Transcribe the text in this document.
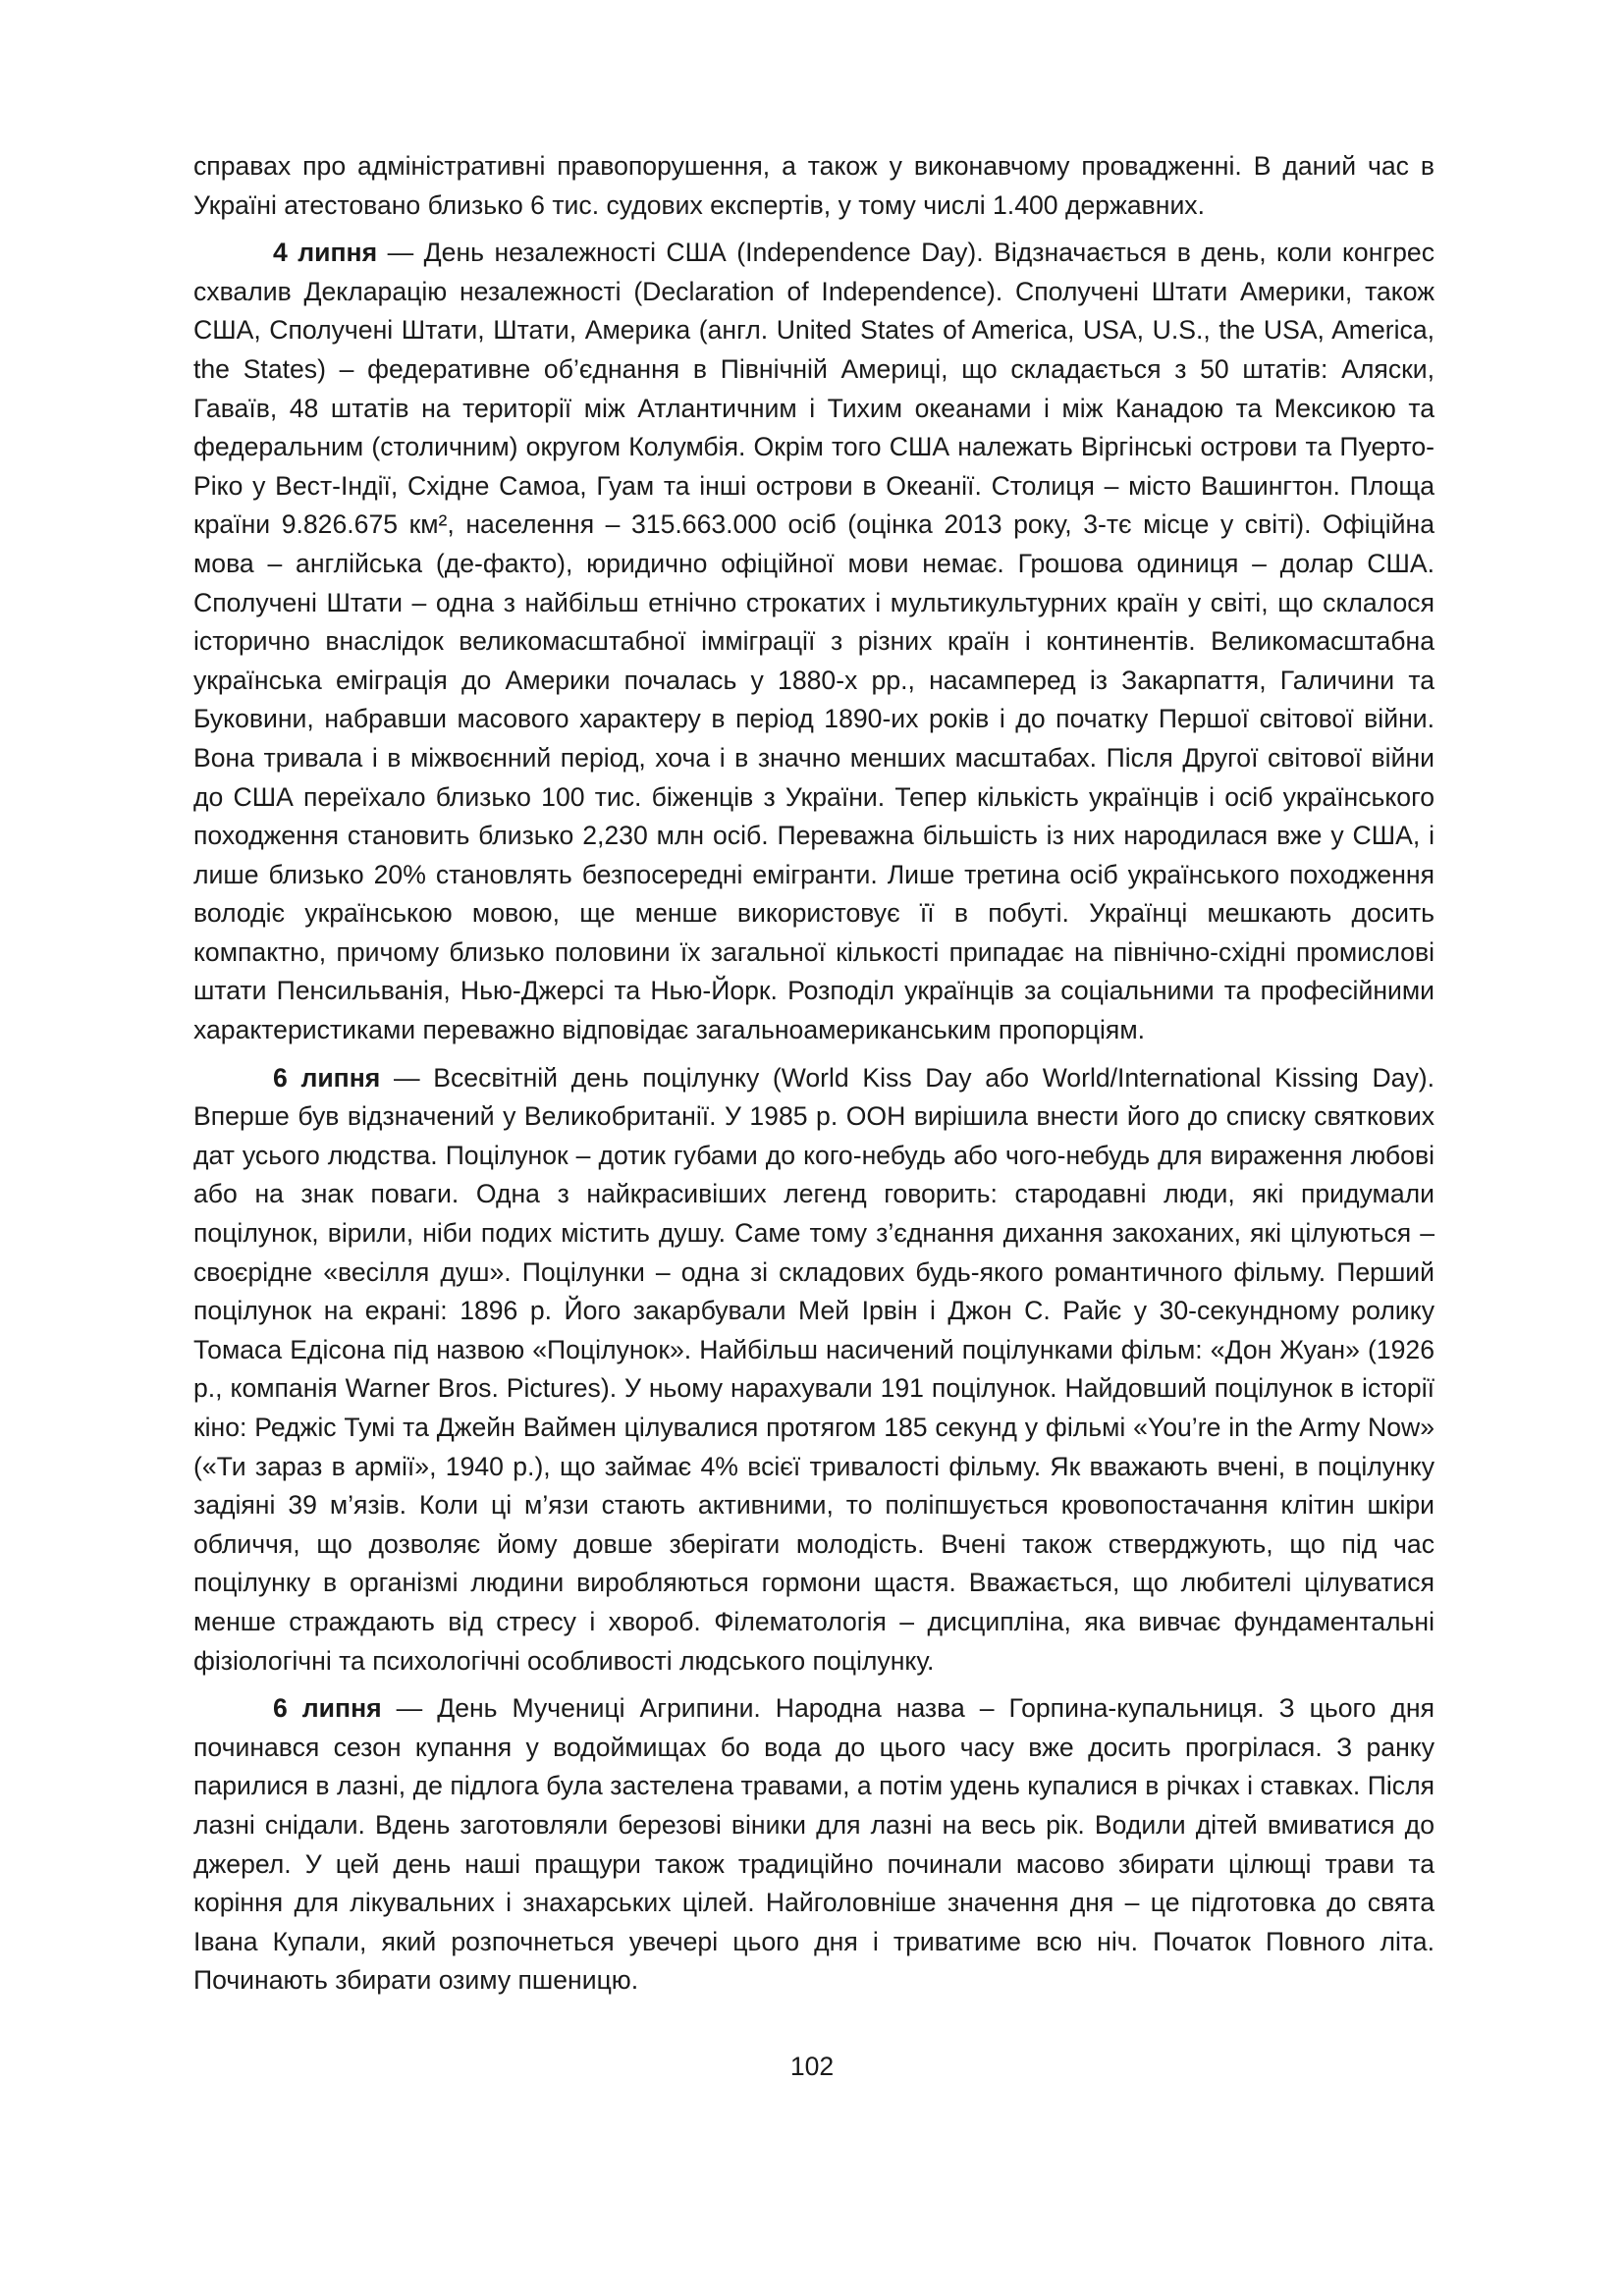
справах про адміністративні правопорушення, а також у виконавчому провадженні. В даний час в Україні атестовано близько 6 тис. судових експертів, у тому числі 1.400 державних.

4 липня — День незалежності США (Independence Day). Відзначається в день, коли конгрес схвалив Декларацію незалежності (Declaration of Independence). Сполучені Штати Америки, також США, Сполучені Штати, Штати, Америка (англ. United States of America, USA, U.S., the USA, America, the States) – федеративне об’єднання в Північній Америці, що складається з 50 штатів: Аляски, Гаваїв, 48 штатів на території між Атлантичним і Тихим океанами і між Канадою та Мексикою та федеральним (столичним) округом Колумбія. Окрім того США належать Віргінські острови та Пуерто-Ріко у Вест-Індії, Східне Самоа, Гуам та інші острови в Океанії. Столиця – місто Вашингтон. Площа країни 9.826.675 км², населення – 315.663.000 осіб (оцінка 2013 року, 3-тє місце у світі). Офіційна мова – англійська (де-факто), юридично офіційної мови немає. Грошова одиниця – долар США. Сполучені Штати – одна з найбільш етнічно строкатих і мультикультурних країн у світі, що склалося історично внаслідок великомасштабної імміграції з різних країн і континентів. Великомасштабна українська еміграція до Америки почалась у 1880-х рр., насамперед із Закарпаття, Галичини та Буковини, набравши масового характеру в період 1890-их років і до початку Першої світової війни. Вона тривала і в міжвоєнний період, хоча і в значно менших масштабах. Після Другої світової війни до США переїхало близько 100 тис. біженців з України. Тепер кількість українців і осіб українського походження становить близько 2,230 млн осіб. Переважна більшість із них народилася вже у США, і лише близько 20% становлять безпосередні емігранти. Лише третина осіб українського походження володіє українською мовою, ще менше використовує її в побуті. Українці мешкають досить компактно, причому близько половини їх загальної кількості припадає на північно-східні промислові штати Пенсильванія, Нью-Джерсі та Нью-Йорк. Розподіл українців за соціальними та професійними характеристиками переважно відповідає загальноамериканським пропорціям.

6 липня — Всесвітній день поцілунку (World Kiss Day або World/International Kissing Day). Вперше був відзначений у Великобританії. У 1985 р. ООН вирішила внести його до списку святкових дат усього людства. Поцілунок – дотик губами до кого-небудь або чого-небудь для вираження любові або на знак поваги. Одна з найкрасивіших легенд говорить: стародавні люди, які придумали поцілунок, вірили, ніби подих містить душу. Саме тому з’єднання дихання закоханих, які цілуються – своєрідне «весілля душ». Поцілунки – одна зі складових будь-якого романтичного фільму. Перший поцілунок на екрані: 1896 р. Його закарбували Мей Ірвін і Джон С. Райє у 30-секундному ролику Томаса Едісона під назвою «Поцілунок». Найбільш насичений поцілунками фільм: «Дон Жуан» (1926 р., компанія Warner Bros. Pictures). У ньому нарахували 191 поцілунок. Найдовший поцілунок в історії кіно: Реджіс Тумі та Джейн Ваймен цілувалися протягом 185 секунд у фільмі «You’re in the Army Now» («Ти зараз в армії», 1940 р.), що займає 4% всієї тривалості фільму. Як вважають вчені, в поцілунку задіяні 39 м’язів. Коли ці м’язи стають активними, то поліпшується кровопостачання клітин шкіри обличчя, що дозволяє йому довше зберігати молодість. Вчені також стверджують, що під час поцілунку в організмі людини виробляються гормони щастя. Вважається, що любителі цілуватися менше страждають від стресу і хвороб. Філематологія – дисципліна, яка вивчає фундаментальні фізіологічні та психологічні особливості людського поцілунку.

6 липня — День Мучениці Агрипини. Народна назва – Горпина-купальниця. З цього дня починався сезон купання у водоймищах бо вода до цього часу вже досить прогрілася. З ранку парилися в лазні, де підлога була застелена травами, а потім удень купалися в річках і ставках. Після лазні снідали. Вдень заготовляли березові віники для лазні на весь рік. Водили дітей вмиватися до джерел. У цей день наші пращури також традиційно починали масово збирати цілющі трави та коріння для лікувальних і знахарських цілей. Найголовніше значення дня – це підготовка до свята Івана Купали, який розпочнеться увечері цього дня і триватиме всю ніч. Початок Повного літа. Починають збирати озиму пшеницю.

102
